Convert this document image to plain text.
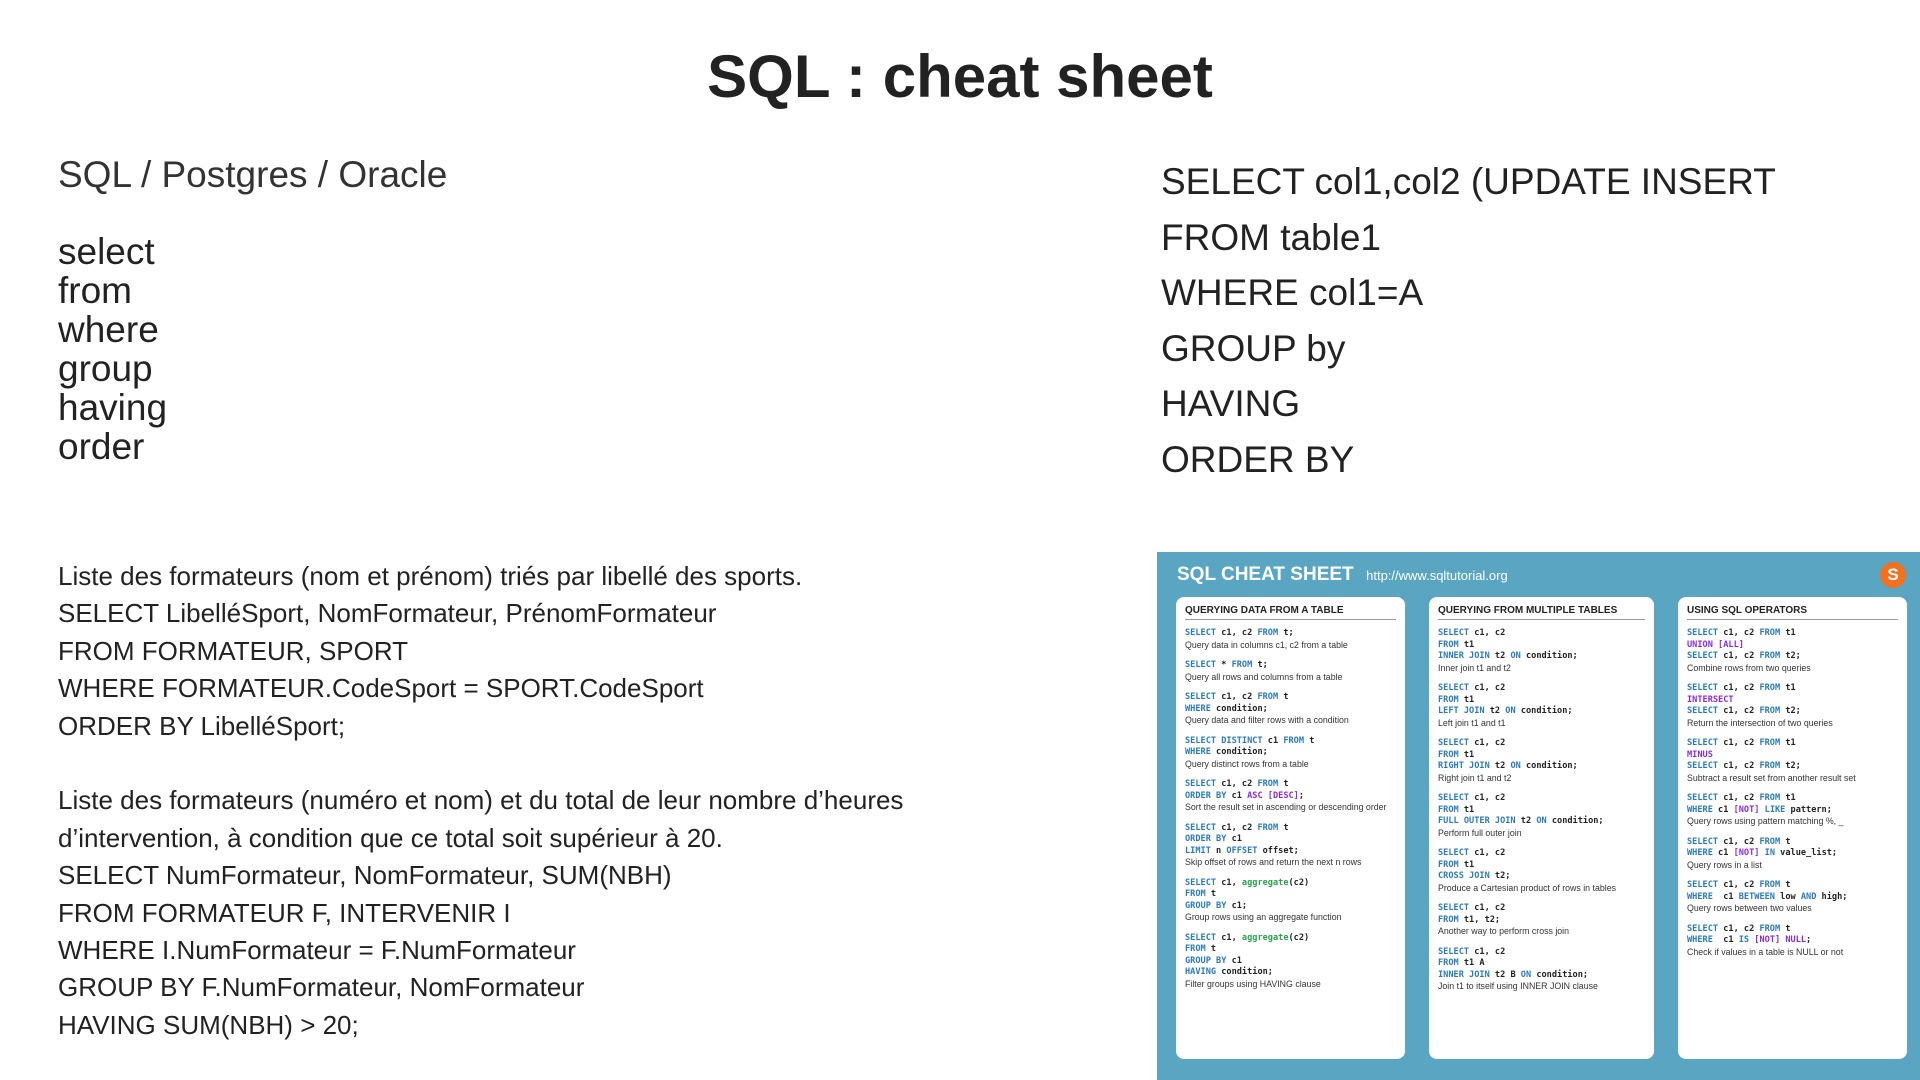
SQL : cheat sheet
SQL / Postgres / Oracle
select
from
where
group
having
order
SELECT col1,col2 (UPDATE INSERT
FROM table1
WHERE col1=A
GROUP by
HAVING
ORDER BY
Liste des formateurs (nom et prénom) triés par libellé des sports.
SELECT LibelléSport, NomFormateur, PrénomFormateur
FROM FORMATEUR, SPORT
WHERE FORMATEUR.CodeSport = SPORT.CodeSport
ORDER BY LibelléSport;
Liste des formateurs (numéro et nom) et du total de leur nombre d’heures
d’intervention, à condition que ce total soit supérieur à 20.
SELECT NumFormateur, NomFormateur, SUM(NBH)
FROM FORMATEUR F, INTERVENIR I
WHERE I.NumFormateur = F.NumFormateur
GROUP BY F.NumFormateur, NomFormateur
HAVING SUM(NBH) > 20;
SQL CHEAT SHEET http://www.sqltutorial.org	S
QUERYING DATA FROM A TABLE
SELECT c1, c2 FROM t;
Query data in columns c1, c2 from a table
SELECT * FROM t;
Query all rows and columns from a table
SELECT c1, c2 FROM t
WHERE condition;
Query data and filter rows with a condition
SELECT DISTINCT c1 FROM t
WHERE condition;
Query distinct rows from a table
SELECT c1, c2 FROM t
ORDER BY c1 ASC [DESC];
Sort the result set in ascending or descending order
SELECT c1, c2 FROM t
ORDER BY c1
LIMIT n OFFSET offset;
Skip offset of rows and return the next n rows
SELECT c1, aggregate(c2)
FROM t
GROUP BY c1;
Group rows using an aggregate function
SELECT c1, aggregate(c2)
FROM t
GROUP BY c1
HAVING condition;
Filter groups using HAVING clause
QUERYING FROM MULTIPLE TABLES
SELECT c1, c2
FROM t1
INNER JOIN t2 ON condition;
Inner join t1 and t2
SELECT c1, c2
FROM t1
LEFT JOIN t2 ON condition;
Left join t1 and t1
SELECT c1, c2
FROM t1
RIGHT JOIN t2 ON condition;
Right join t1 and t2
SELECT c1, c2
FROM t1
FULL OUTER JOIN t2 ON condition;
Perform full outer join
SELECT c1, c2
FROM t1
CROSS JOIN t2;
Produce a Cartesian product of rows in tables
SELECT c1, c2
FROM t1, t2;
Another way to perform cross join
SELECT c1, c2
FROM t1 A
INNER JOIN t2 B ON condition;
Join t1 to itself using INNER JOIN clause
USING SQL OPERATORS
SELECT c1, c2 FROM t1
UNION [ALL]
SELECT c1, c2 FROM t2;
Combine rows from two queries
SELECT c1, c2 FROM t1
INTERSECT
SELECT c1, c2 FROM t2;
Return the intersection of two queries
SELECT c1, c2 FROM t1
MINUS
SELECT c1, c2 FROM t2;
Subtract a result set from another result set
SELECT c1, c2 FROM t1
WHERE c1 [NOT] LIKE pattern;
Query rows using pattern matching %, _
SELECT c1, c2 FROM t
WHERE c1 [NOT] IN value_list;
Query rows in a list
SELECT c1, c2 FROM t
WHERE  c1 BETWEEN low AND high;
Query rows between two values
SELECT c1, c2 FROM t
WHERE  c1 IS [NOT] NULL;
Check if values in a table is NULL or not
